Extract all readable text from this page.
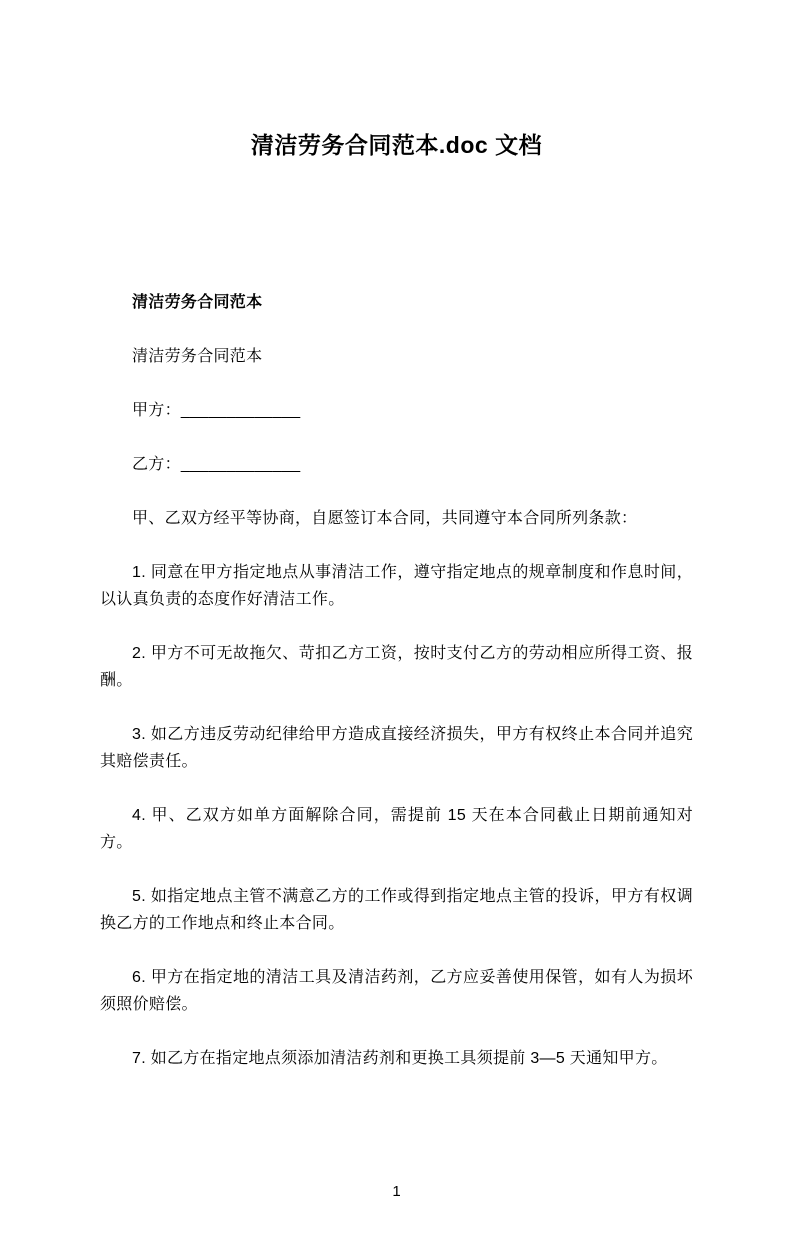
清洁劳务合同范本.doc 文档

清洁劳务合同范本

清洁劳务合同范本

甲方：_____________

乙方：_____________

甲、乙双方经平等协商，自愿签订本合同，共同遵守本合同所列条款：

1. 同意在甲方指定地点从事清洁工作，遵守指定地点的规章制度和作息时间，以认真负责的态度作好清洁工作。

2. 甲方不可无故拖欠、苛扣乙方工资，按时支付乙方的劳动相应所得工资、报酬。

3. 如乙方违反劳动纪律给甲方造成直接经济损失，甲方有权终止本合同并追究其赔偿责任。

4. 甲、乙双方如单方面解除合同，需提前 15 天在本合同截止日期前通知对方。

5. 如指定地点主管不满意乙方的工作或得到指定地点主管的投诉，甲方有权调换乙方的工作地点和终止本合同。

6. 甲方在指定地的清洁工具及清洁药剂，乙方应妥善使用保管，如有人为损坏须照价赔偿。

7. 如乙方在指定地点须添加清洁药剂和更换工具须提前 3—5 天通知甲方。

1
